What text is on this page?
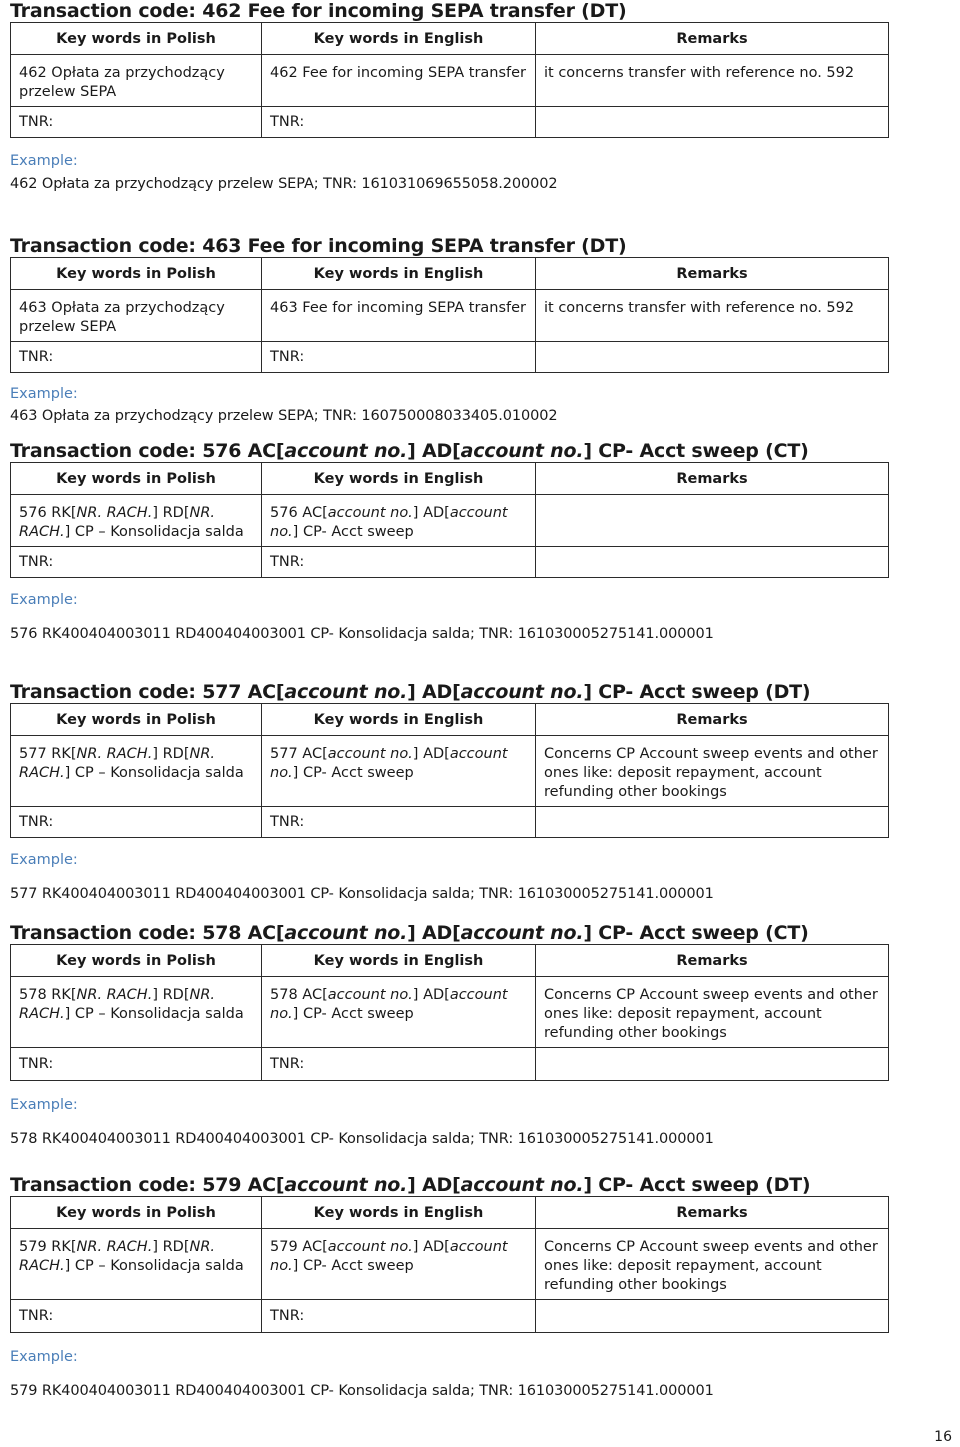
Transaction code: 462 Fee for incoming SEPA transfer (DT)
Key words in Polish	Key words in English	Remarks
462 Opłata za przychodzący przelew SEPA	462 Fee for incoming SEPA transfer	it concerns transfer with reference no. 592
TNR:	TNR:	
Example:
462 Opłata za przychodzący przelew SEPA; TNR: 161031069655058.200002
Transaction code: 463 Fee for incoming SEPA transfer (DT)
Key words in Polish	Key words in English	Remarks
463 Opłata za przychodzący przelew SEPA	463 Fee for incoming SEPA transfer	it concerns transfer with reference no. 592
TNR:	TNR:	
Example:
463 Opłata za przychodzący przelew SEPA; TNR: 160750008033405.010002
Transaction code: 576 AC[account no.] AD[account no.] CP- Acct sweep (CT)
Key words in Polish	Key words in English	Remarks
576 RK[NR. RACH.] RD[NR. RACH.] CP – Konsolidacja salda	576 AC[account no.] AD[account no.] CP- Acct sweep	
TNR:	TNR:	
Example:
576 RK400404003011 RD400404003001 CP- Konsolidacja salda; TNR: 161030005275141.000001
Transaction code: 577 AC[account no.] AD[account no.] CP- Acct sweep (DT)
Key words in Polish	Key words in English	Remarks
577 RK[NR. RACH.] RD[NR. RACH.] CP – Konsolidacja salda	577 AC[account no.] AD[account no.] CP- Acct sweep	Concerns CP Account sweep events and other ones like: deposit repayment, account refunding other bookings
TNR:	TNR:	
Example:
577 RK400404003011 RD400404003001 CP- Konsolidacja salda; TNR: 161030005275141.000001
Transaction code: 578 AC[account no.] AD[account no.] CP- Acct sweep (CT)
Key words in Polish	Key words in English	Remarks
578 RK[NR. RACH.] RD[NR. RACH.] CP – Konsolidacja salda	578 AC[account no.] AD[account no.] CP- Acct sweep	Concerns CP Account sweep events and other ones like: deposit repayment, account refunding other bookings
TNR:	TNR:	
Example:
578 RK400404003011 RD400404003001 CP- Konsolidacja salda; TNR: 161030005275141.000001
Transaction code: 579 AC[account no.] AD[account no.] CP- Acct sweep (DT)
Key words in Polish	Key words in English	Remarks
579 RK[NR. RACH.] RD[NR. RACH.] CP – Konsolidacja salda	579 AC[account no.] AD[account no.] CP- Acct sweep	Concerns CP Account sweep events and other ones like: deposit repayment, account refunding other bookings
TNR:	TNR:	
Example:
579 RK400404003011 RD400404003001 CP- Konsolidacja salda; TNR: 161030005275141.000001
16
